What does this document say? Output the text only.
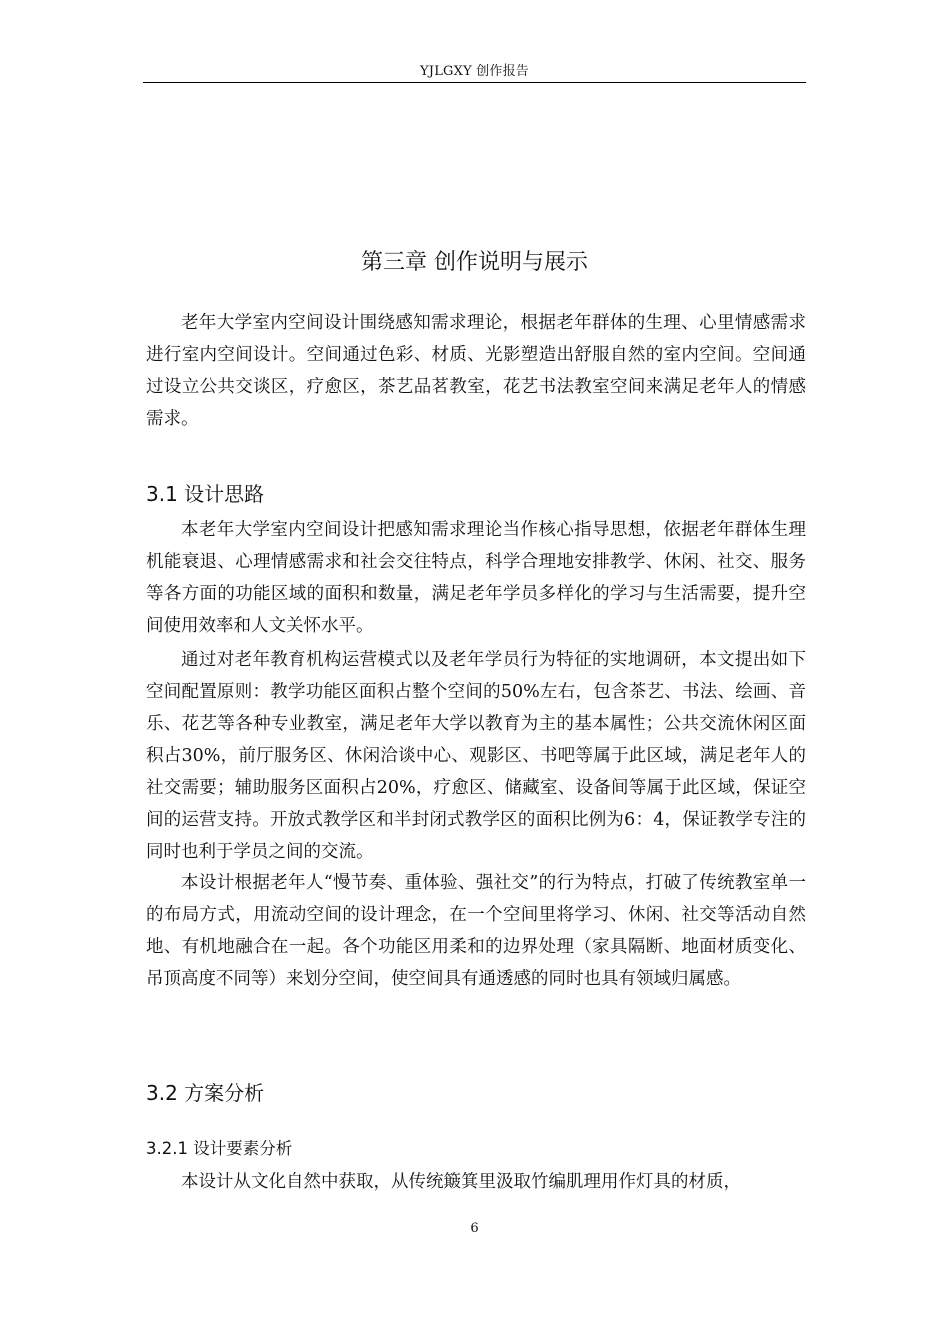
YJLGXY 创作报告
第三章 创作说明与展示

老年大学室内空间设计围绕感知需求理论，根据老年群体的生理、心里情感需求进行室内空间设计。空间通过色彩、材质、光影塑造出舒服自然的室内空间。空间通过设立公共交谈区，疗愈区，茶艺品茗教室，花艺书法教室空间来满足老年人的情感需求。

3.1 设计思路

本老年大学室内空间设计把感知需求理论当作核心指导思想，依据老年群体生理机能衰退、心理情感需求和社会交往特点，科学合理地安排教学、休闲、社交、服务等各方面的功能区域的面积和数量，满足老年学员多样化的学习与生活需要，提升空间使用效率和人文关怀水平。

通过对老年教育机构运营模式以及老年学员行为特征的实地调研，本文提出如下空间配置原则：教学功能区面积占整个空间的50%左右，包含茶艺、书法、绘画、音乐、花艺等各种专业教室，满足老年大学以教育为主的基本属性；公共交流休闲区面积占30%，前厅服务区、休闲洽谈中心、观影区、书吧等属于此区域，满足老年人的社交需要；辅助服务区面积占20%，疗愈区、储藏室、设备间等属于此区域，保证空间的运营支持。开放式教学区和半封闭式教学区的面积比例为6：4，保证教学专注的同时也利于学员之间的交流。

本设计根据老年人“慢节奏、重体验、强社交”的行为特点，打破了传统教室单一的布局方式，用流动空间的设计理念，在一个空间里将学习、休闲、社交等活动自然地、有机地融合在一起。各个功能区用柔和的边界处理（家具隔断、地面材质变化、吊顶高度不同等）来划分空间，使空间具有通透感的同时也具有领域归属感。

3.2 方案分析
3.2.1 设计要素分析

本设计从文化自然中获取，从传统簸箕里汲取竹编肌理用作灯具的材质，

6
